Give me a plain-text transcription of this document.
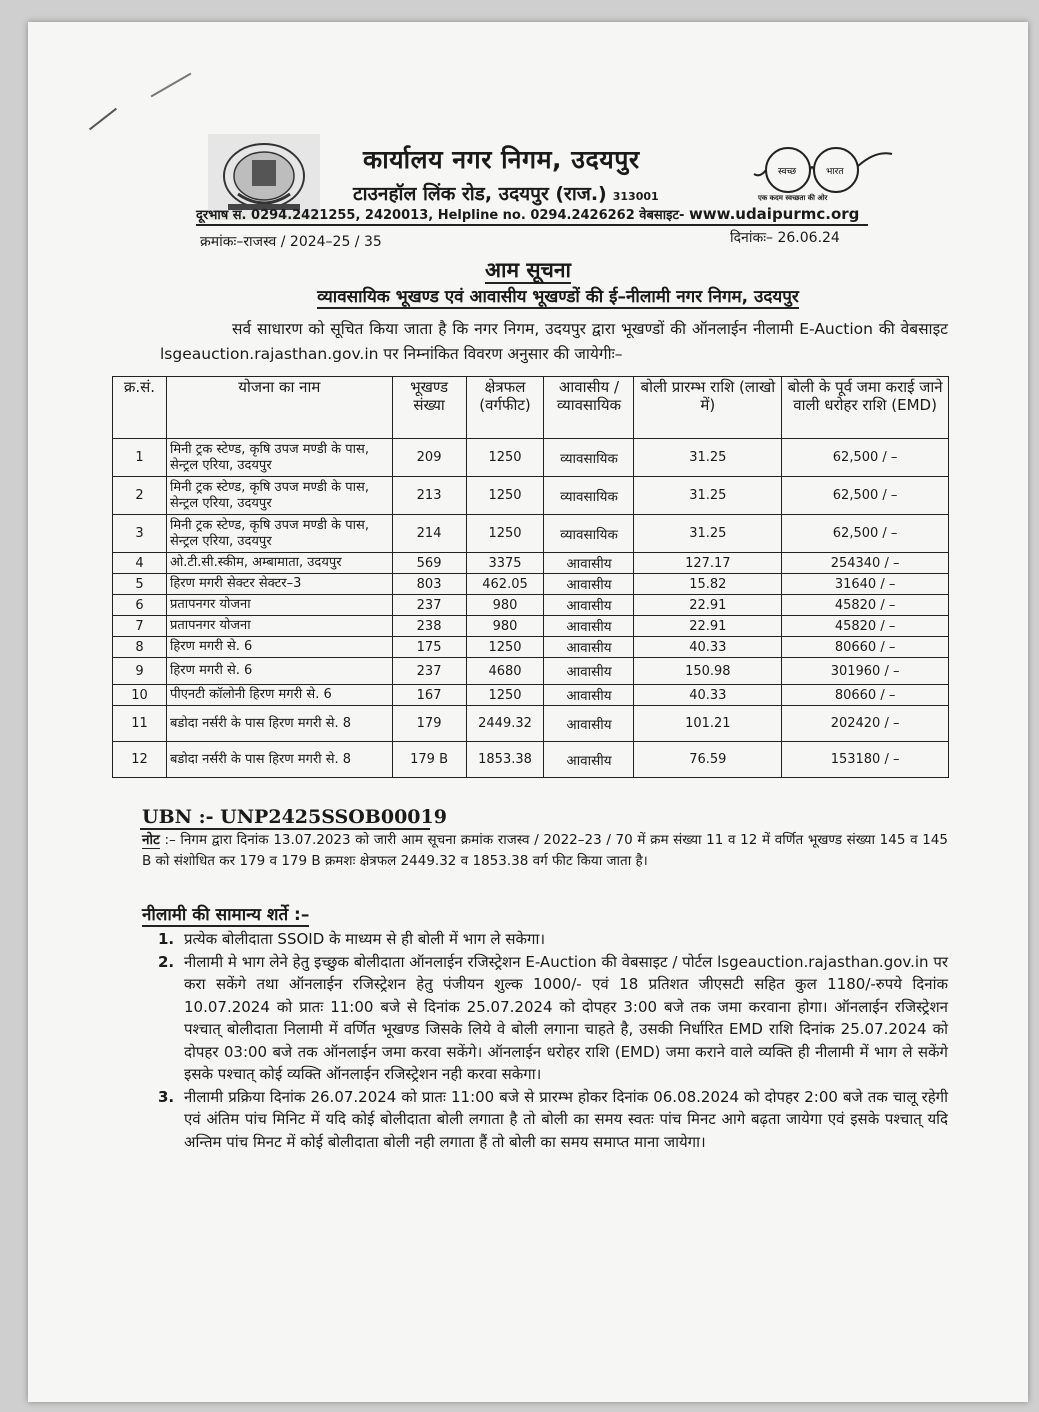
कार्यालय नगर निगम, उदयपुर
टाउनहॉल लिंक रोड, उदयपुर (राज.) 313001
स्वच्छ	भारत
एक कदम स्वच्छता की ओर
दूरभाष स. 0294.2421255, 2420013, Helpline no. 0294.2426262 वेबसाइट- www.udaipurmc.org
क्रमांकः–राजस्व / 2024–25 / 35	दिनांकः– 26.06.24
आम सूचना
व्यावसायिक भूखण्ड एवं आवासीय भूखण्डों की ई–नीलामी नगर निगम, उदयपुर
सर्व साधारण को सूचित किया जाता है कि नगर निगम, उदयपुर द्वारा भूखण्डों की ऑनलाईन नीलामी E-Auction की वेबसाइट lsgeauction.rajasthan.gov.in पर निम्नांकित विवरण अनुसार की जायेगीः–
क्र.सं.	योजना का नाम	भूखण्ड संख्या	क्षेत्रफल (वर्गफीट)	आवासीय / व्यावसायिक	बोली प्रारम्भ राशि (लाखो में)	बोली के पूर्व जमा कराई जाने वाली धरोहर राशि (EMD)
1	मिनी ट्रक स्टेण्ड, कृषि उपज मण्डी के पास, सेन्ट्रल एरिया, उदयपुर	209	1250	व्यावसायिक	31.25	62,500 / –
2	मिनी ट्रक स्टेण्ड, कृषि उपज मण्डी के पास, सेन्ट्रल एरिया, उदयपुर	213	1250	व्यावसायिक	31.25	62,500 / –
3	मिनी ट्रक स्टेण्ड, कृषि उपज मण्डी के पास, सेन्ट्रल एरिया, उदयपुर	214	1250	व्यावसायिक	31.25	62,500 / –
4	ओ.टी.सी.स्कीम, अम्बामाता, उदयपुर	569	3375	आवासीय	127.17	254340 / –
5	हिरण मगरी सेक्टर सेक्टर–3	803	462.05	आवासीय	15.82	31640 / –
6	प्रतापनगर योजना	237	980	आवासीय	22.91	45820 / –
7	प्रतापनगर योजना	238	980	आवासीय	22.91	45820 / –
8	हिरण मगरी से. 6	175	1250	आवासीय	40.33	80660 / –
9	हिरण मगरी से. 6	237	4680	आवासीय	150.98	301960 / –
10	पीएनटी कॉलोनी हिरण मगरी से. 6	167	1250	आवासीय	40.33	80660 / –
11	बडोदा नर्सरी के पास हिरण मगरी से. 8	179	2449.32	आवासीय	101.21	202420 / –
12	बडोदा नर्सरी के पास हिरण मगरी से. 8	179 B	1853.38	आवासीय	76.59	153180 / –
UBN :- UNP2425SSOB00019
नोट :– निगम द्वारा दिनांक 13.07.2023 को जारी आम सूचना क्रमांक राजस्व / 2022–23 / 70 में क्रम संख्या 11 व 12 में वर्णित भूखण्ड संख्या 145 व 145 B को संशोधित कर 179 व 179 B क्रमशः क्षेत्रफल 2449.32 व 1853.38 वर्ग फीट किया जाता है।
नीलामी की सामान्य शर्ते :–
1. प्रत्येक बोलीदाता SSOID के माध्यम से ही बोली में भाग ले सकेगा।
2. नीलामी मे भाग लेने हेतु इच्छुक बोलीदाता ऑनलाईन रजिस्ट्रेशन E-Auction की वेबसाइट / पोर्टल lsgeauction.rajasthan.gov.in पर करा सकेंगे तथा ऑनलाईन रजिस्ट्रेशन हेतु पंजीयन शुल्क 1000/- एवं 18 प्रतिशत जीएसटी सहित कुल 1180/-रुपये दिनांक 10.07.2024 को प्रातः 11:00 बजे से दिनांक 25.07.2024 को दोपहर 3:00 बजे तक जमा करवाना होगा। ऑनलाईन रजिस्ट्रेशन पश्चात् बोलीदाता निलामी में वर्णित भूखण्ड जिसके लिये वे बोली लगाना चाहते है, उसकी निर्धारित EMD राशि दिनांक 25.07.2024 को दोपहर 03:00 बजे तक ऑनलाईन जमा करवा सकेंगे। ऑनलाईन धरोहर राशि (EMD) जमा कराने वाले व्यक्ति ही नीलामी में भाग ले सकेंगे इसके पश्चात् कोई व्यक्ति ऑनलाईन रजिस्ट्रेशन नही करवा सकेगा।
3. नीलामी प्रक्रिया दिनांक 26.07.2024 को प्रातः 11:00 बजे से प्रारम्भ होकर दिनांक 06.08.2024 को दोपहर 2:00 बजे तक चालू रहेगी एवं अंतिम पांच मिनिट में यदि कोई बोलीदाता बोली लगाता है तो बोली का समय स्वतः पांच मिनट आगे बढ़ता जायेगा एवं इसके पश्चात् यदि अन्तिम पांच मिनट में कोई बोलीदाता बोली नही लगाता हैं तो बोली का समय समाप्त माना जायेगा।
